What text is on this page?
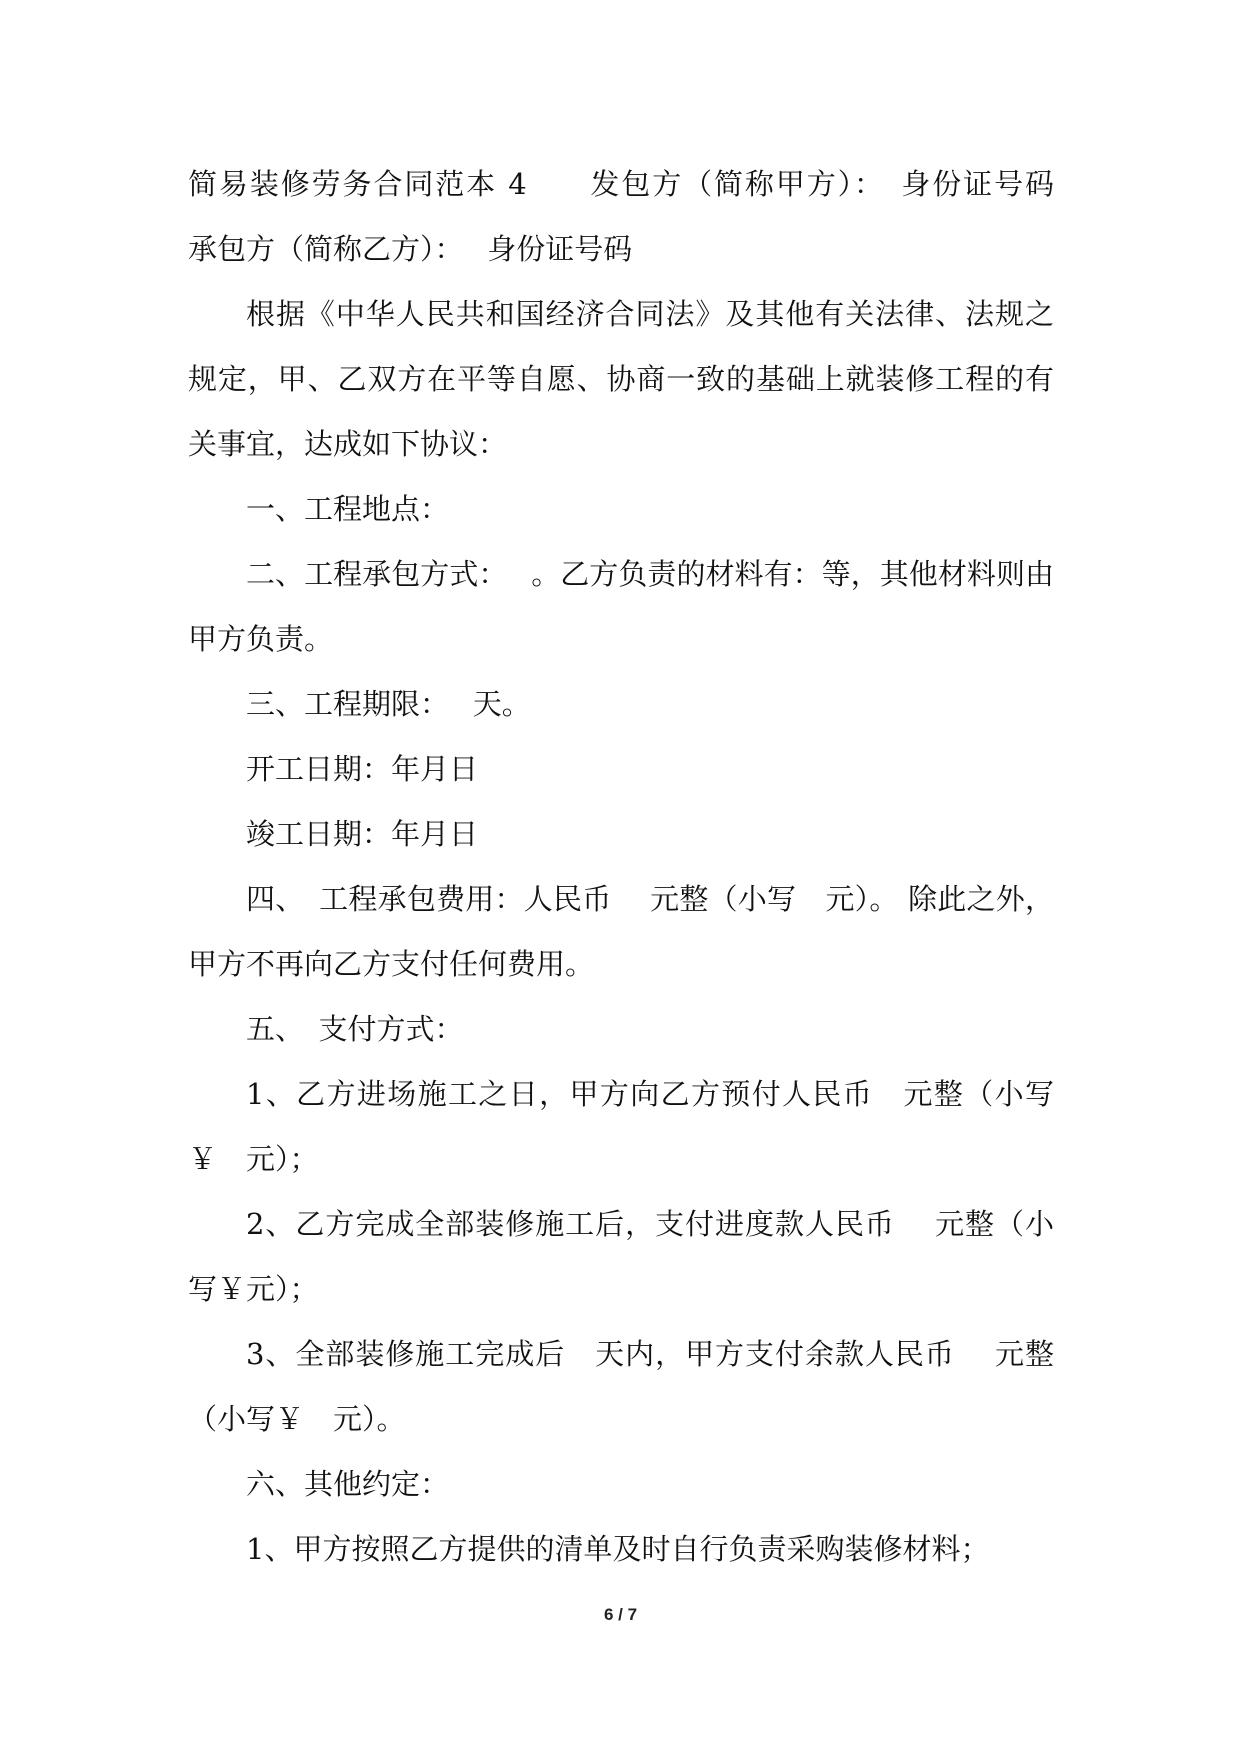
简易装修劳务合同范本 4　　发包方（简称甲方）：　身份证号码　承包方（简称乙方）：　 身份证号码

根据《中华人民共和国经济合同法》及其他有关法律、法规之规定，甲、乙双方在平等自愿、协商一致的基础上就装修工程的有关事宜，达成如下协议：

一、工程地点：

二、工程承包方式：　 。乙方负责的材料有：等，其他材料则由甲方负责。

三、工程期限：　 天。

开工日期：年月日

竣工日期：年月日

四、　工程承包费用：人民币　 元整（小写　元）。 除此之外，甲方不再向乙方支付任何费用。

五、　支付方式：

1、乙方进场施工之日，甲方向乙方预付人民币　元整（小写　￥　元）；

2、乙方完成全部装修施工后，支付进度款人民币　 元整（小写￥元）；

3、全部装修施工完成后　天内，甲方支付余款人民币　 元整（小写￥　元）。

六、其他约定：

1、甲方按照乙方提供的清单及时自行负责采购装修材料；

6 / 7
